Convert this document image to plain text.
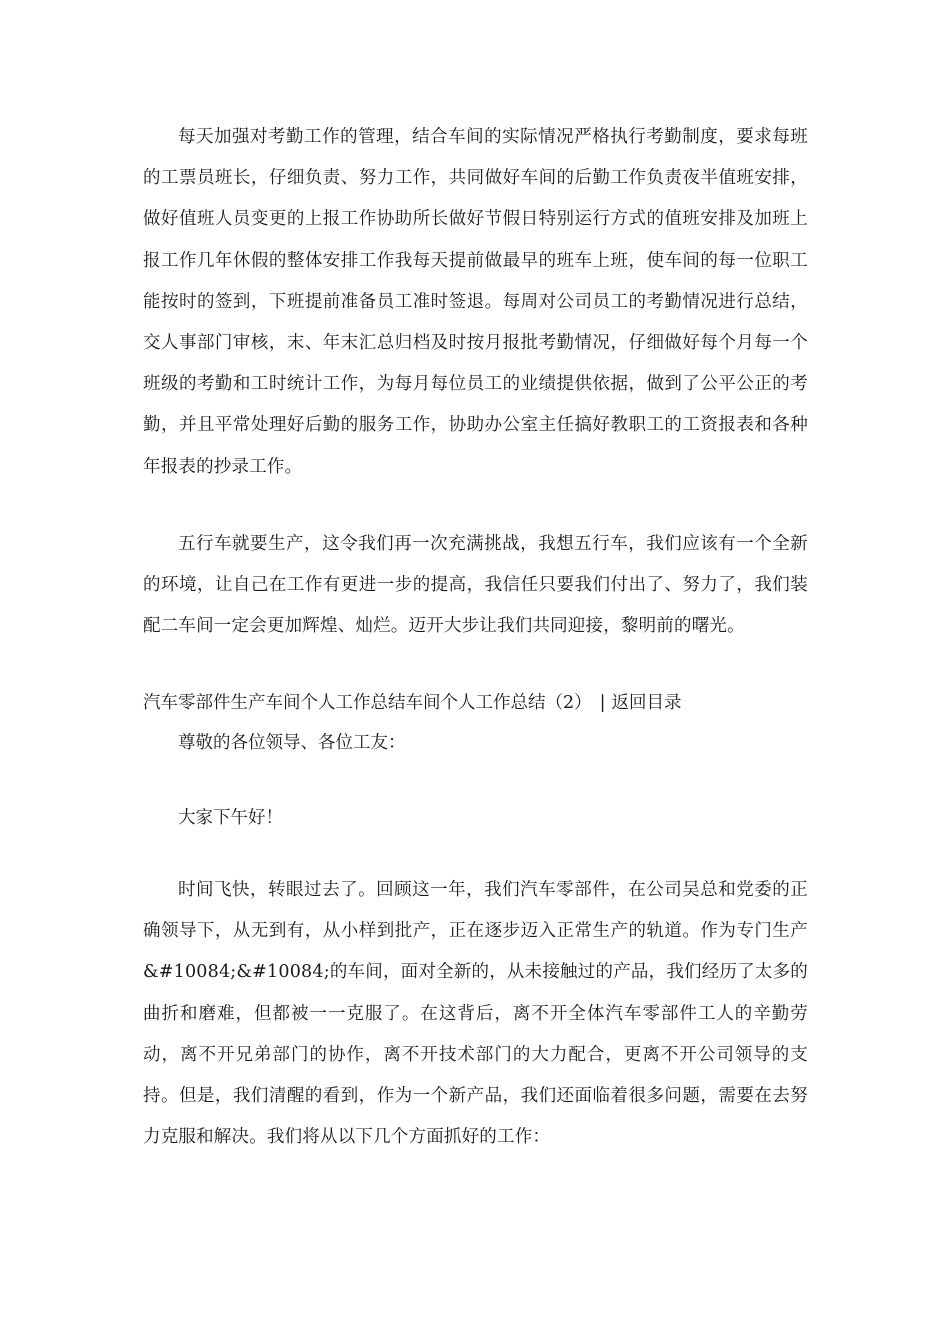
每天加强对考勤工作的管理，结合车间的实际情况严格执行考勤制度，要求每班的工票员班长，仔细负责、努力工作，共同做好车间的后勤工作负责夜半值班安排，做好值班人员变更的上报工作协助所长做好节假日特别运行方式的值班安排及加班上报工作几年休假的整体安排工作我每天提前做最早的班车上班，使车间的每一位职工能按时的签到，下班提前准备员工准时签退。每周对公司员工的考勤情况进行总结，交人事部门审核，末、年末汇总归档及时按月报批考勤情况，仔细做好每个月每一个班级的考勤和工时统计工作，为每月每位员工的业绩提供依据，做到了公平公正的考勤，并且平常处理好后勤的服务工作，协助办公室主任搞好教职工的工资报表和各种年报表的抄录工作。

五行车就要生产，这令我们再一次充满挑战，我想五行车，我们应该有一个全新的环境，让自己在工作有更进一步的提高，我信任只要我们付出了、努力了，我们装配二车间一定会更加辉煌、灿烂。迈开大步让我们共同迎接，黎明前的曙光。

汽车零部件生产车间个人工作总结车间个人工作总结（2） | 返回目录

尊敬的各位领导、各位工友：

大家下午好！

时间飞快，转眼过去了。回顾这一年，我们汽车零部件，在公司吴总和党委的正确领导下，从无到有，从小样到批产，正在逐步迈入正常生产的轨道。作为专门生产&#10084;&#10084;的车间，面对全新的，从未接触过的产品，我们经历了太多的曲折和磨难，但都被一一克服了。在这背后，离不开全体汽车零部件工人的辛勤劳动，离不开兄弟部门的协作，离不开技术部门的大力配合，更离不开公司领导的支持。但是，我们清醒的看到，作为一个新产品，我们还面临着很多问题，需要在去努力克服和解决。我们将从以下几个方面抓好的工作：
